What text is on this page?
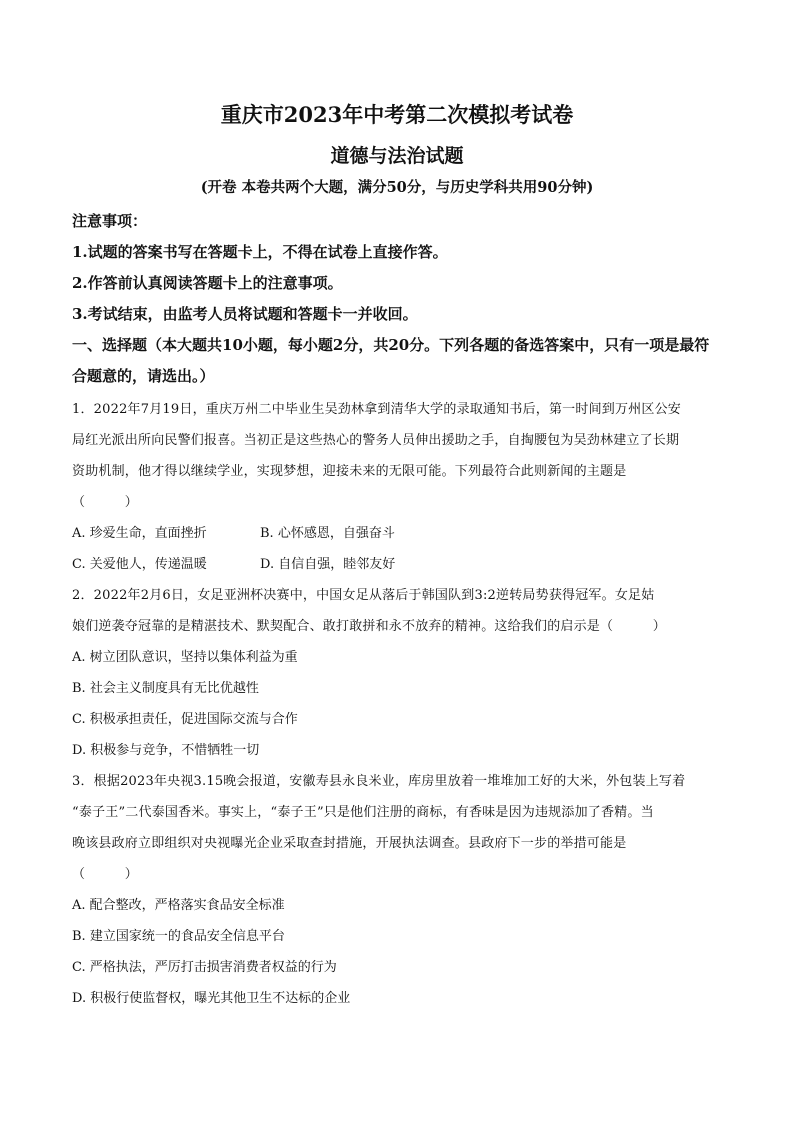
重庆市2023年中考第二次模拟考试卷
道德与法治试题

(开卷 本卷共两个大题，满分50分，与历史学科共用90分钟)

注意事项：

1.试题的答案书写在答题卡上，不得在试卷上直接作答。

2.作答前认真阅读答题卡上的注意事项。

3.考试结束，由监考人员将试题和答题卡一并收回。

一、选择题（本大题共10小题，每小题2分，共20分。下列各题的备选答案中，只有一项是最符合题意的，请选出。）

1．2022年7月19日，重庆万州二中毕业生吴劲林拿到清华大学的录取通知书后，第一时间到万州区公安

局红光派出所向民警们报喜。当初正是这些热心的警务人员伸出援助之手，自掏腰包为吴劲林建立了长期

资助机制，他才得以继续学业，实现梦想，迎接未来的无限可能。下列最符合此则新闻的主题是

（　　　）

A. 珍爱生命，直面挫折	B. 心怀感恩，自强奋斗
C. 关爱他人，传递温暖	D. 自信自强，睦邻友好

2．2022年2月6日，女足亚洲杯决赛中，中国女足从落后于韩国队到3:2逆转局势获得冠军。女足姑

娘们逆袭夺冠靠的是精湛技术、默契配合、敢打敢拼和永不放弃的精神。这给我们的启示是（　　　）

A. 树立团队意识，坚持以集体利益为重

B. 社会主义制度具有无比优越性

C. 积极承担责任，促进国际交流与合作

D. 积极参与竞争，不惜牺牲一切

3．根据2023年央视3.15晚会报道，安徽寿县永良米业，库房里放着一堆堆加工好的大米，外包装上写着

“泰子王”二代泰国香米。事实上，“泰子王”只是他们注册的商标，有香味是因为违规添加了香精。当

晚该县政府立即组织对央视曝光企业采取查封措施，开展执法调查。县政府下一步的举措可能是

（　　　）

A. 配合整改，严格落实食品安全标准

B. 建立国家统一的食品安全信息平台

C. 严格执法，严厉打击损害消费者权益的行为

D. 积极行使监督权，曝光其他卫生不达标的企业
